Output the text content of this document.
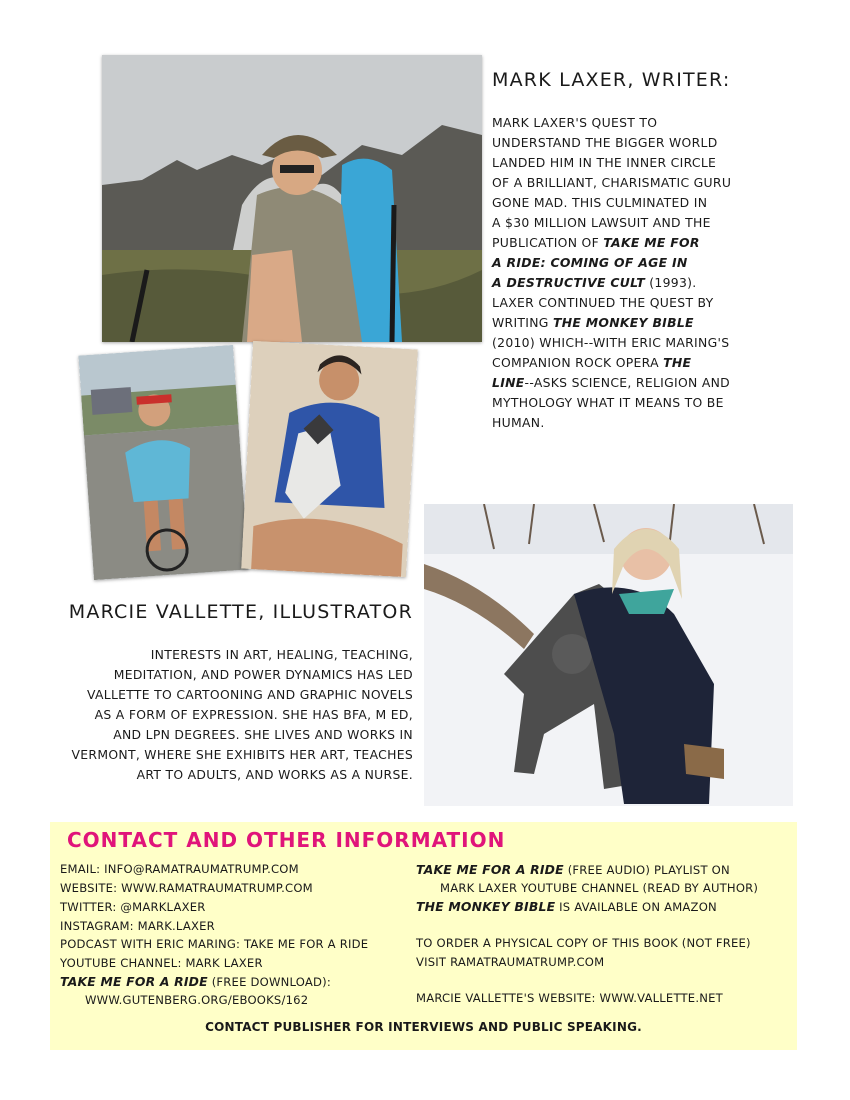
MARK LAXER, WRITER:
MARK LAXER'S QUEST TO
UNDERSTAND THE BIGGER WORLD
LANDED HIM IN THE INNER CIRCLE
OF A BRILLIANT, CHARISMATIC GURU
GONE MAD. THIS CULMINATED IN
A $30 MILLION LAWSUIT AND THE
PUBLICATION OF TAKE ME FOR
A RIDE: COMING OF AGE IN
A DESTRUCTIVE CULT (1993).
LAXER CONTINUED THE QUEST BY
WRITING THE MONKEY BIBLE
(2010) WHICH--WITH ERIC MARING'S
COMPANION ROCK OPERA THE
LINE--ASKS SCIENCE, RELIGION AND
MYTHOLOGY WHAT IT MEANS TO BE
HUMAN.
MARCIE VALLETTE, ILLUSTRATOR
INTERESTS IN ART, HEALING, TEACHING,
MEDITATION, AND POWER DYNAMICS HAS LED
VALLETTE TO CARTOONING AND GRAPHIC NOVELS
AS A FORM OF EXPRESSION. SHE HAS BFA, M ED,
AND LPN DEGREES. SHE LIVES AND WORKS IN
VERMONT, WHERE SHE EXHIBITS HER ART, TEACHES
ART TO ADULTS, AND WORKS AS A NURSE.
CONTACT AND OTHER INFORMATION
EMAIL: INFO@RAMATRAUMATRUMP.COM
WEBSITE: WWW.RAMATRAUMATRUMP.COM
TWITTER: @MARKLAXER
INSTAGRAM: MARK.LAXER
PODCAST WITH ERIC MARING: TAKE ME FOR A RIDE
YOUTUBE CHANNEL: MARK LAXER
TAKE ME FOR A RIDE (FREE DOWNLOAD):
WWW.GUTENBERG.ORG/EBOOKS/162
TAKE ME FOR A RIDE (FREE AUDIO) PLAYLIST ON
MARK LAXER YOUTUBE CHANNEL (READ BY AUTHOR)
THE MONKEY BIBLE IS AVAILABLE ON AMAZON
TO ORDER A PHYSICAL COPY OF THIS BOOK (NOT FREE)
VISIT RAMATRAUMATRUMP.COM
MARCIE VALLETTE'S WEBSITE: WWW.VALLETTE.NET
CONTACT PUBLISHER FOR INTERVIEWS AND PUBLIC SPEAKING.
